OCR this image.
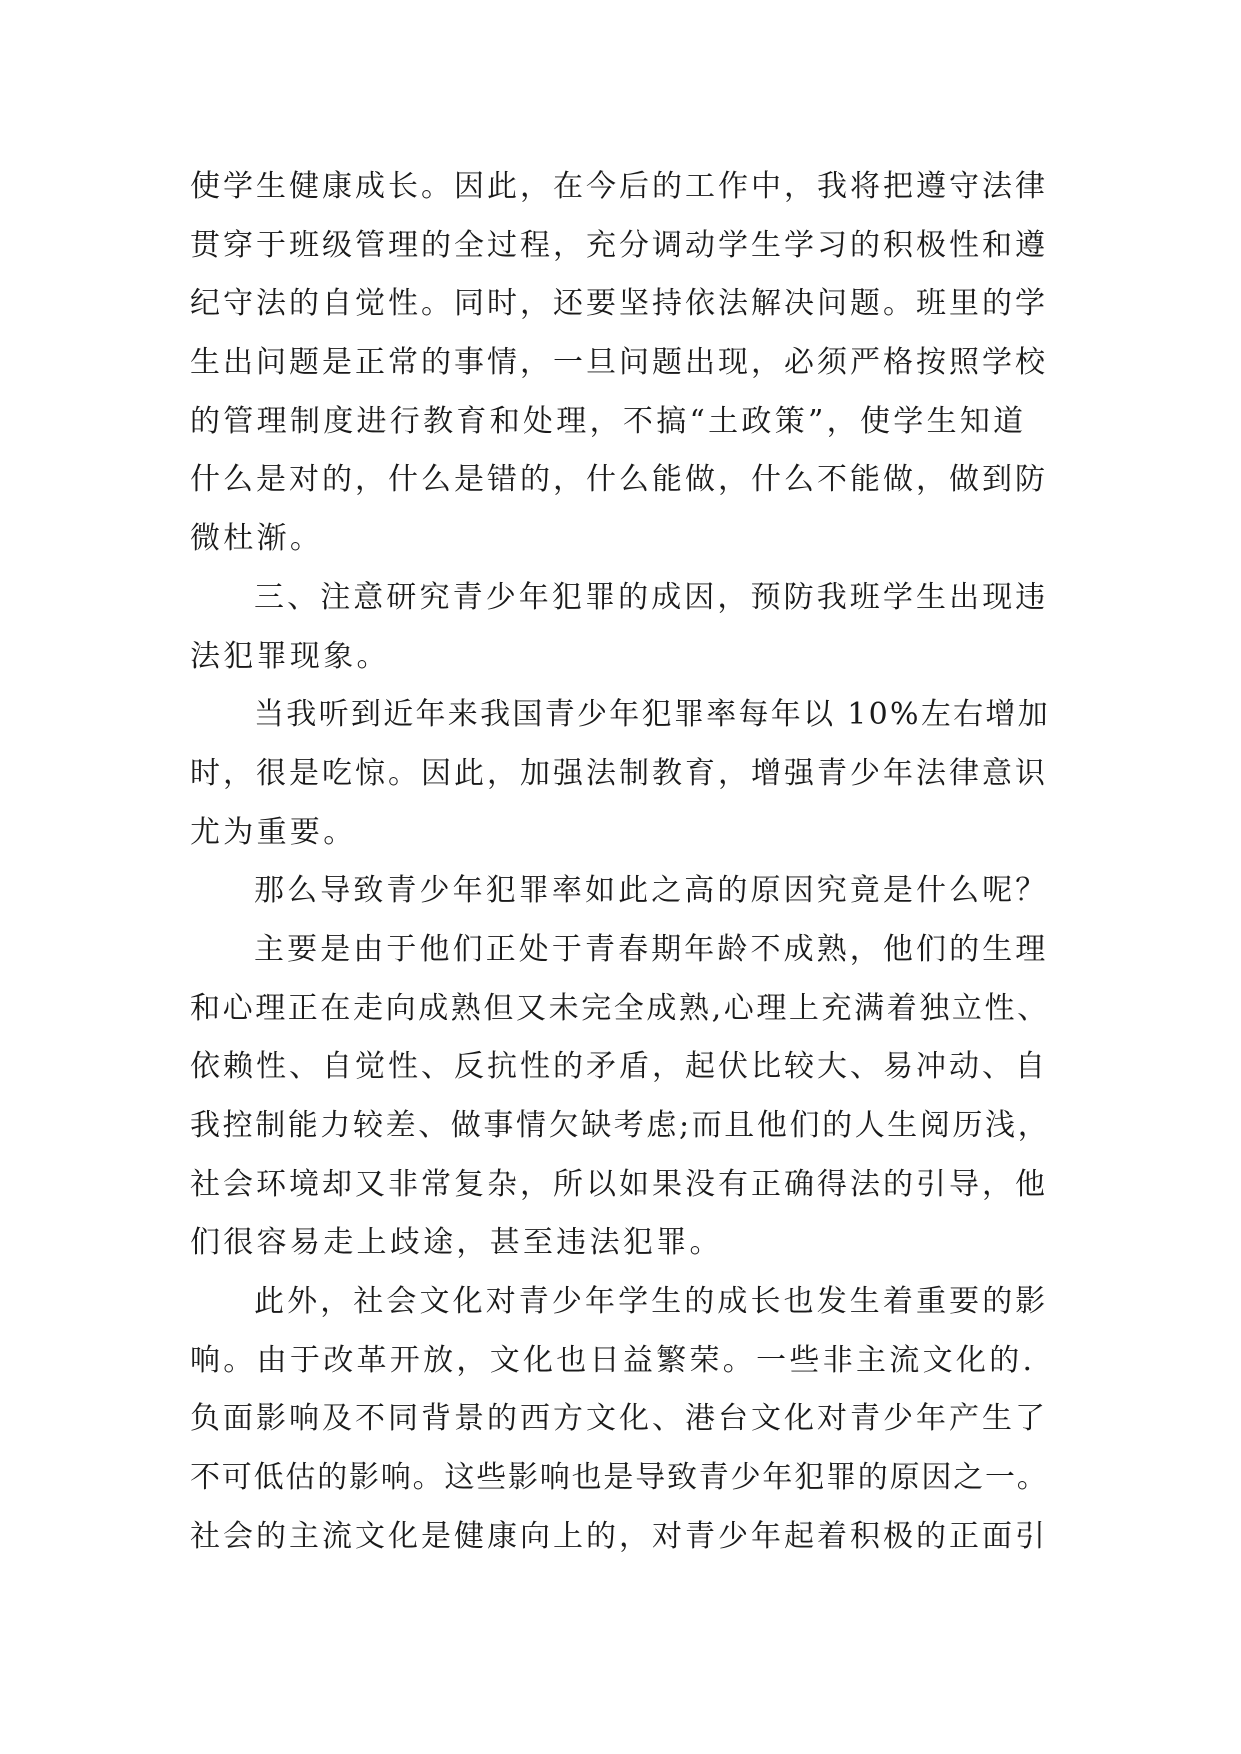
使学生健康成长。因此，在今后的工作中，我将把遵守法律
贯穿于班级管理的全过程，充分调动学生学习的积极性和遵
纪守法的自觉性。同时，还要坚持依法解决问题。班里的学
生出问题是正常的事情，一旦问题出现，必须严格按照学校
的管理制度进行教育和处理，不搞“土政策”，使学生知道
什么是对的，什么是错的，什么能做，什么不能做，做到防
微杜渐。
三、注意研究青少年犯罪的成因，预防我班学生出现违
法犯罪现象。
当我听到近年来我国青少年犯罪率每年以 10%左右增加
时，很是吃惊。因此，加强法制教育，增强青少年法律意识
尤为重要。
那么导致青少年犯罪率如此之高的原因究竟是什么呢？
主要是由于他们正处于青春期年龄不成熟，他们的生理
和心理正在走向成熟但又未完全成熟,心理上充满着独立性、
依赖性、自觉性、反抗性的矛盾，起伏比较大、易冲动、自
我控制能力较差、做事情欠缺考虑;而且他们的人生阅历浅，
社会环境却又非常复杂，所以如果没有正确得法的引导，他
们很容易走上歧途，甚至违法犯罪。
此外，社会文化对青少年学生的成长也发生着重要的影
响。由于改革开放，文化也日益繁荣。一些非主流文化的.
负面影响及不同背景的西方文化、港台文化对青少年产生了
不可低估的影响。这些影响也是导致青少年犯罪的原因之一。
社会的主流文化是健康向上的，对青少年起着积极的正面引
